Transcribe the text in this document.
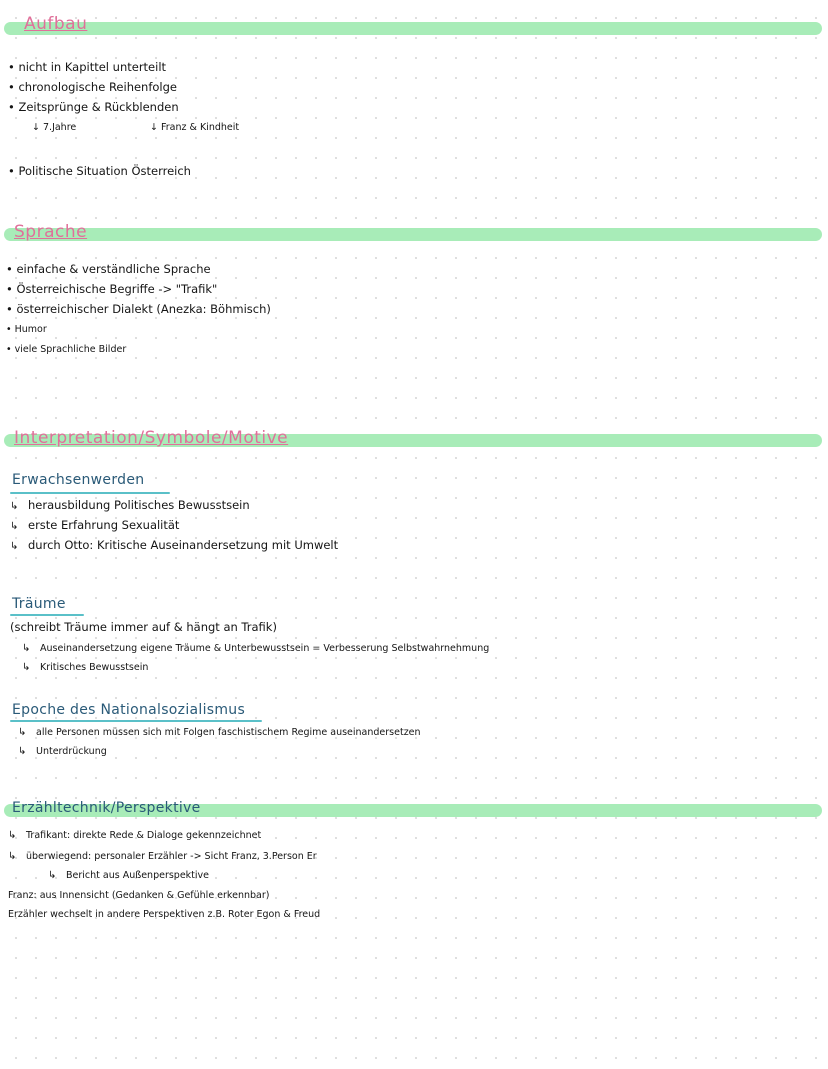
Aufbau
• nicht in Kapittel unterteilt
• chronologische Reihenfolge
• Zeitsprünge & Rückblenden
↓ 7.Jahre	↓ Franz & Kindheit
• Politische Situation Österreich
Sprache
• einfache & verständliche Sprache
• Österreichische Begriffe -> "Trafik"
• österreichischer Dialekt (Anezka: Böhmisch)
• Humor
• viele Sprachliche Bilder
Interpretation/Symbole/Motive
Erwachsenwerden
↳ herausbildung Politisches Bewusstsein
↳ erste Erfahrung Sexualität
↳ durch Otto: Kritische Auseinandersetzung mit Umwelt
Träume
(schreibt Träume immer auf & hängt an Trafik)
↳ Auseinandersetzung eigene Träume & Unterbewusstsein = Verbesserung Selbstwahrnehmung
↳ Kritisches Bewusstsein
Epoche des Nationalsozialismus
↳ alle Personen müssen sich mit Folgen faschistischem Regime auseinandersetzen
↳ Unterdrückung
Erzähltechnik/Perspektive
↳ Trafikant: direkte Rede & Dialoge gekennzeichnet
↳ überwiegend: personaler Erzähler -> Sicht Franz, 3.Person Er
↳ Bericht aus Außenperspektive
Franz: aus Innensicht (Gedanken & Gefühle erkennbar)
Erzähler wechselt in andere Perspektiven z.B. Roter Egon & Freud
